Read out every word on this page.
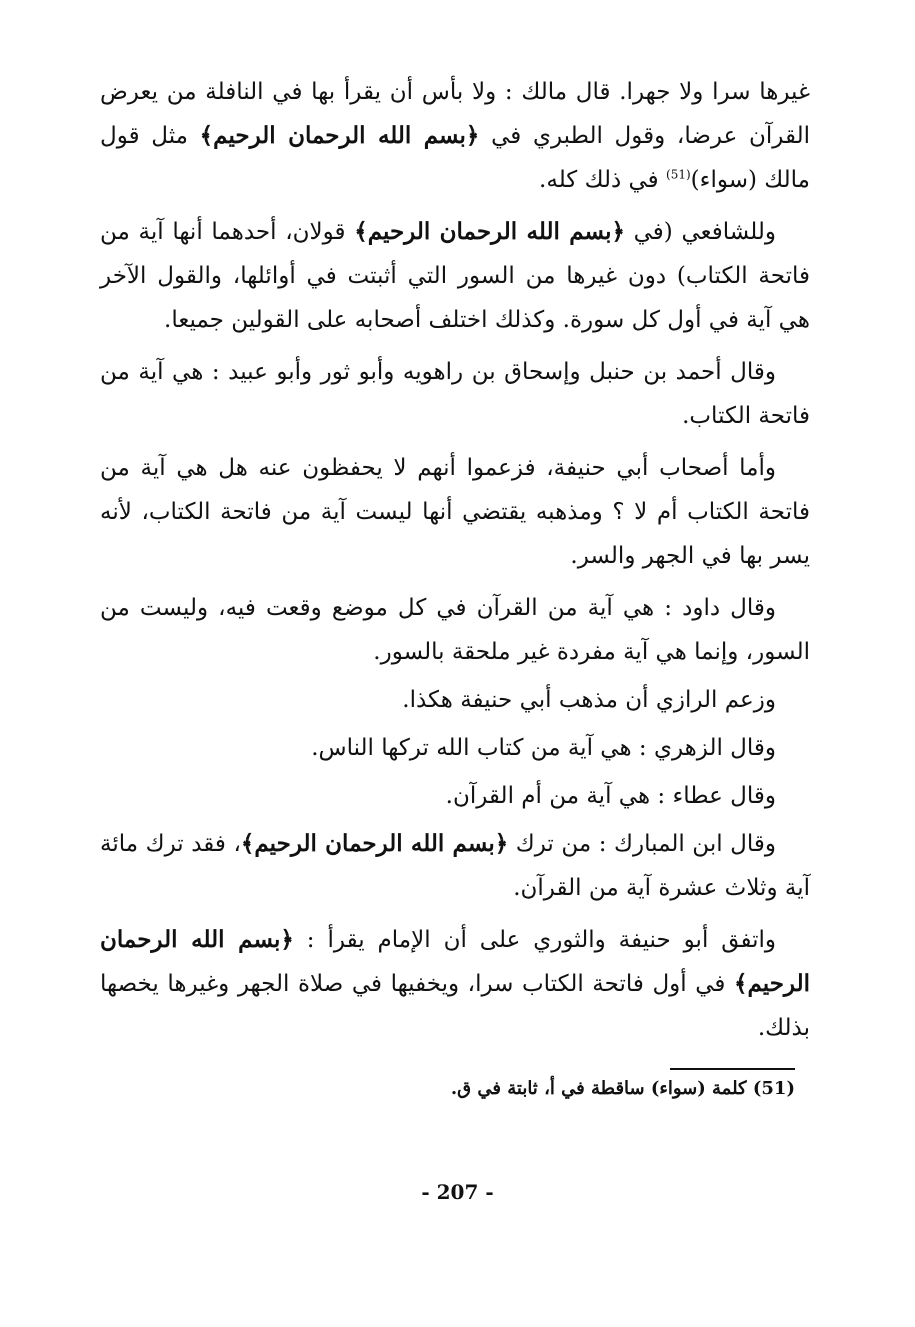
غيرها سرا ولا جهرا. قال مالك : ولا بأس أن يقرأ بها في النافلة من يعرض القرآن عرضا، وقول الطبري في ﴿بسم الله الرحمان الرحيم﴾ مثل قول مالك (سواء)$^{(51)}$ في ذلك كله.

وللشافعي (في ﴿بسم الله الرحمان الرحيم﴾ قولان، أحدهما أنها آية من فاتحة الكتاب) دون غيرها من السور التي أثبتت في أوائلها، والقول الآخر هي آية في أول كل سورة. وكذلك اختلف أصحابه على القولين جميعا.

وقال أحمد بن حنبل وإسحاق بن راهويه وأبو ثور وأبو عبيد : هي آية من فاتحة الكتاب.

وأما أصحاب أبي حنيفة، فزعموا أنهم لا يحفظون عنه هل هي آية من فاتحة الكتاب أم لا ؟ ومذهبه يقتضي أنها ليست آية من فاتحة الكتاب، لأنه يسر بها في الجهر والسر.

وقال داود : هي آية من القرآن في كل موضع وقعت فيه، وليست من السور، وإنما هي آية مفردة غير ملحقة بالسور.

وزعم الرازي أن مذهب أبي حنيفة هكذا.

وقال الزهري : هي آية من كتاب الله تركها الناس.

وقال عطاء : هي آية من أم القرآن.

وقال ابن المبارك : من ترك ﴿بسم الله الرحمان الرحيم﴾، فقد ترك مائة آية وثلاث عشرة آية من القرآن.

واتفق أبو حنيفة والثوري على أن الإمام يقرأ : ﴿بسم الله الرحمان الرحيم﴾ في أول فاتحة الكتاب سرا، ويخفيها في صلاة الجهر وغيرها يخصها بذلك.

(51) كلمة (سواء) ساقطة في أ، ثابتة في ق.
- 207 -
